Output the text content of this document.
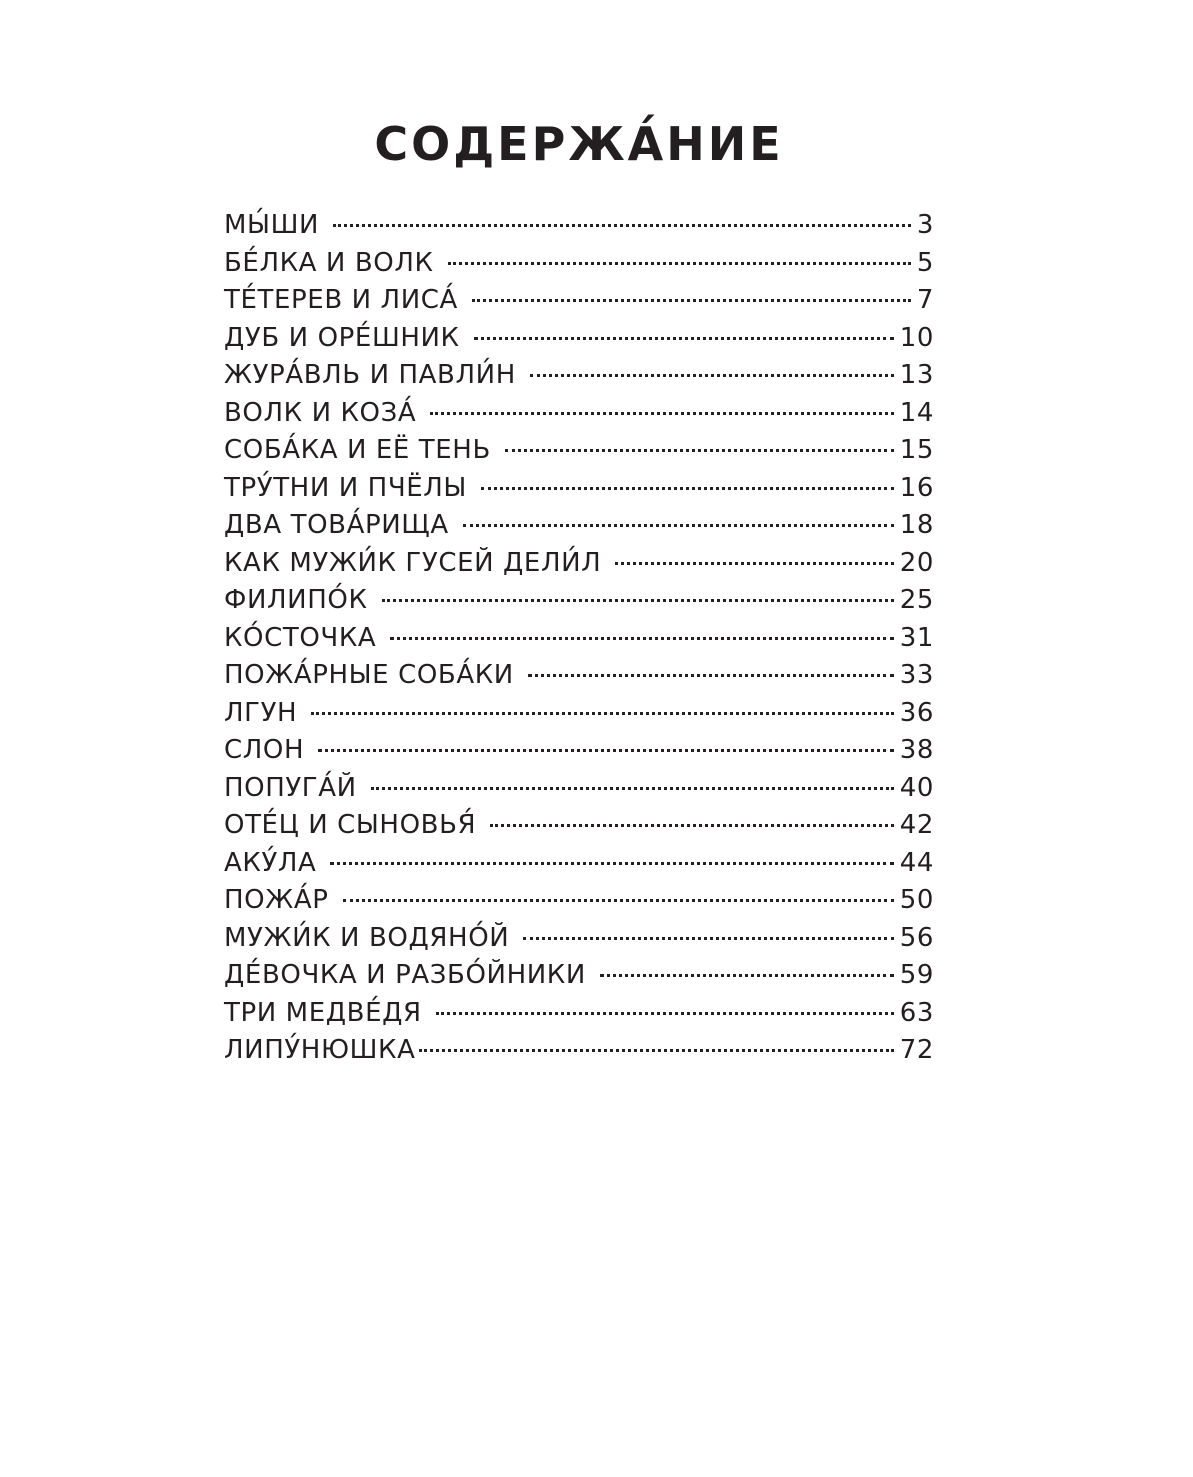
СОДЕРЖА́НИЕ
МЫ́ШИ	3
БЕ́ЛКА И ВОЛК	5
ТЕ́ТЕРЕВ И ЛИСА́	7
ДУБ И ОРЕ́ШНИК	10
ЖУРА́ВЛЬ И ПАВЛИ́Н	13
ВОЛК И КОЗА́	14
СОБА́КА И ЕЁ ТЕНЬ	15
ТРУ́ТНИ И ПЧЁЛЫ	16
ДВА ТОВА́РИЩА	18
КАК МУЖИ́К ГУСЕЙ ДЕЛИ́Л	20
ФИЛИПО́К	25
КО́СТОЧКА	31
ПОЖА́РНЫЕ СОБА́КИ	33
ЛГУН	36
СЛОН	38
ПОПУГА́Й	40
ОТЕ́Ц И СЫНОВЬЯ́	42
АКУ́ЛА	44
ПОЖА́Р	50
МУЖИ́К И ВОДЯНО́Й	56
ДЕ́ВОЧКА И РАЗБО́ЙНИКИ	59
ТРИ МЕДВЕ́ДЯ	63
ЛИПУ́НЮШКА	72
